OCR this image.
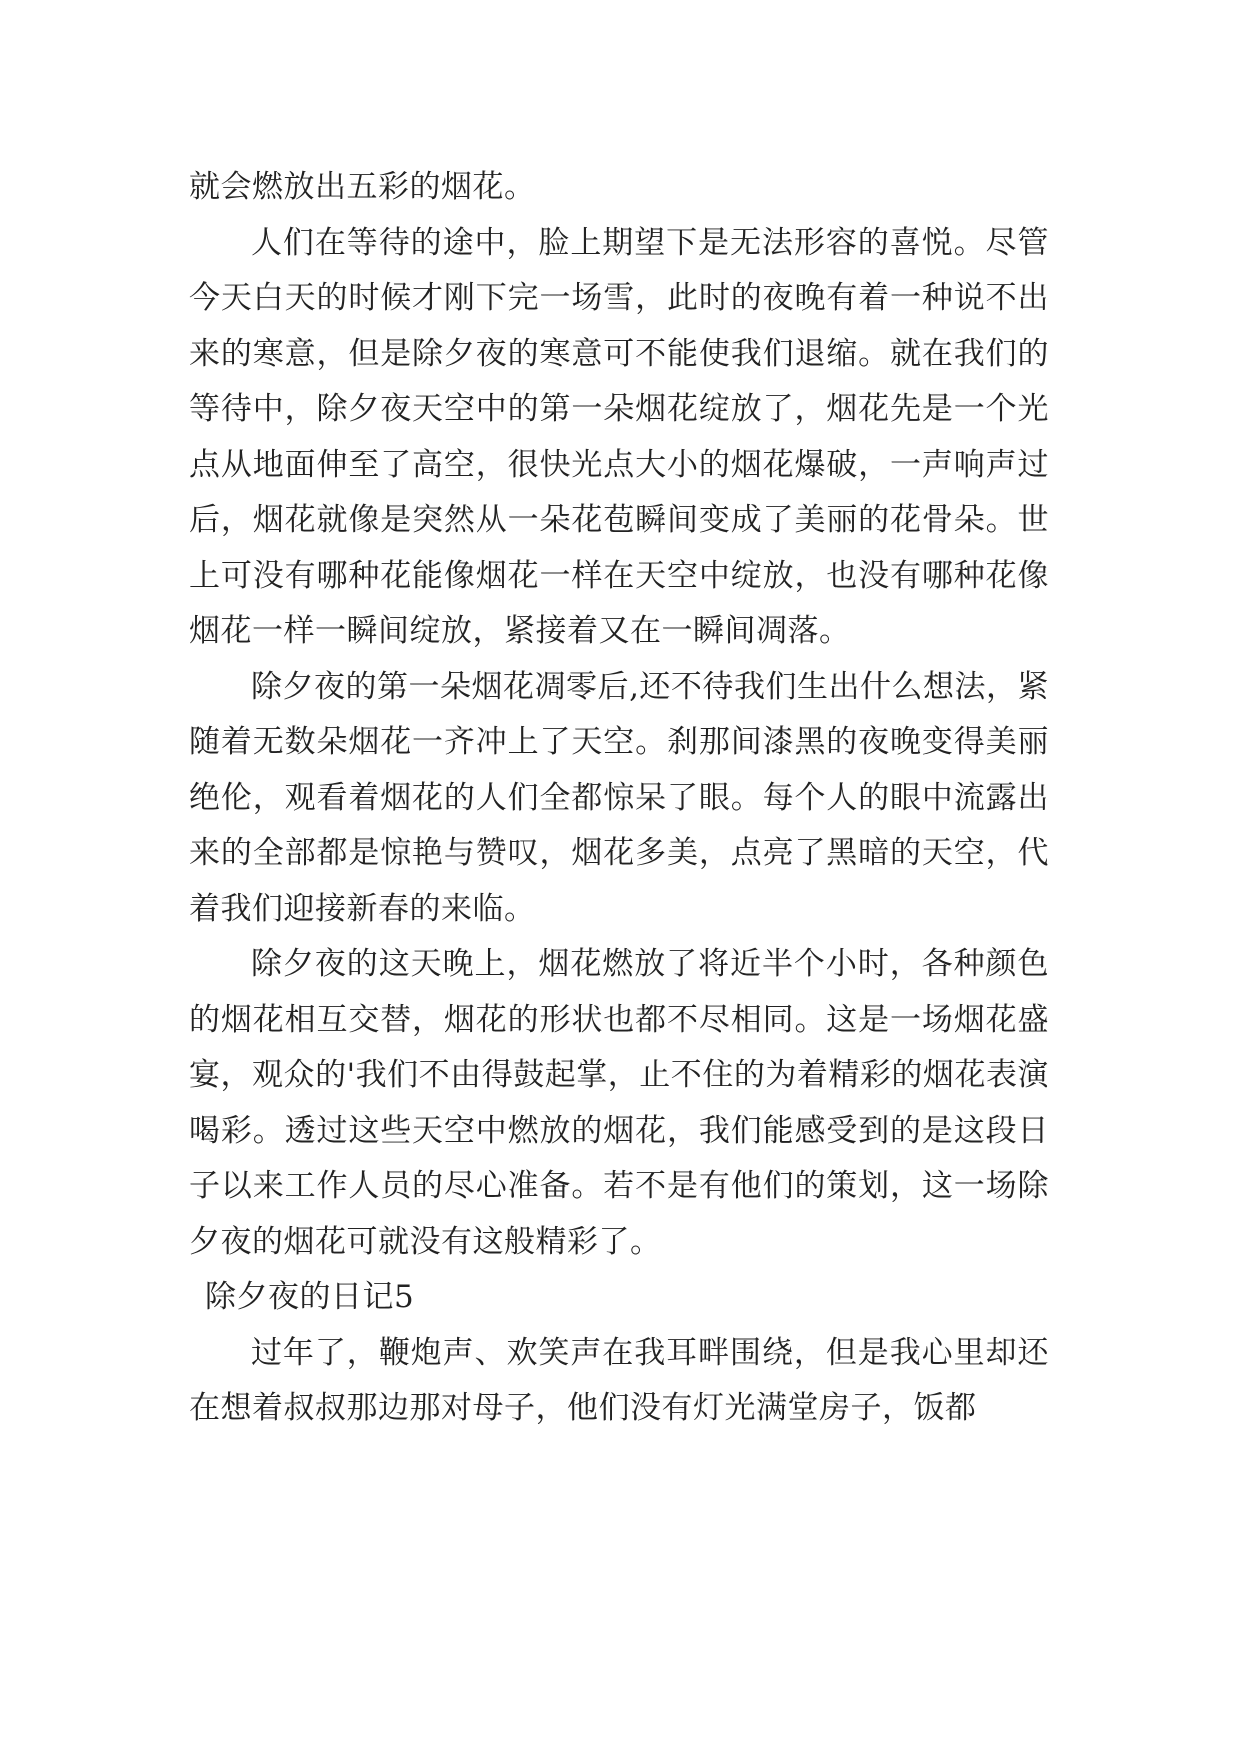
就会燃放出五彩的烟花。

人们在等待的途中，脸上期望下是无法形容的喜悦。尽管今天白天的时候才刚下完一场雪，此时的夜晚有着一种说不出来的寒意，但是除夕夜的寒意可不能使我们退缩。就在我们的等待中，除夕夜天空中的第一朵烟花绽放了，烟花先是一个光点从地面伸至了高空，很快光点大小的烟花爆破，一声响声过后，烟花就像是突然从一朵花苞瞬间变成了美丽的花骨朵。世上可没有哪种花能像烟花一样在天空中绽放，也没有哪种花像烟花一样一瞬间绽放，紧接着又在一瞬间凋落。

除夕夜的第一朵烟花凋零后,还不待我们生出什么想法，紧随着无数朵烟花一齐冲上了天空。刹那间漆黑的夜晚变得美丽绝伦，观看着烟花的人们全都惊呆了眼。每个人的眼中流露出来的全部都是惊艳与赞叹，烟花多美，点亮了黑暗的天空，代着我们迎接新春的来临。

除夕夜的这天晚上，烟花燃放了将近半个小时，各种颜色的烟花相互交替，烟花的形状也都不尽相同。这是一场烟花盛宴，观众的'我们不由得鼓起掌，止不住的为着精彩的烟花表演喝彩。透过这些天空中燃放的烟花，我们能感受到的是这段日子以来工作人员的尽心准备。若不是有他们的策划，这一场除夕夜的烟花可就没有这般精彩了。

除夕夜的日记5

过年了，鞭炮声、欢笑声在我耳畔围绕，但是我心里却还在想着叔叔那边那对母子，他们没有灯光满堂房子，饭都
